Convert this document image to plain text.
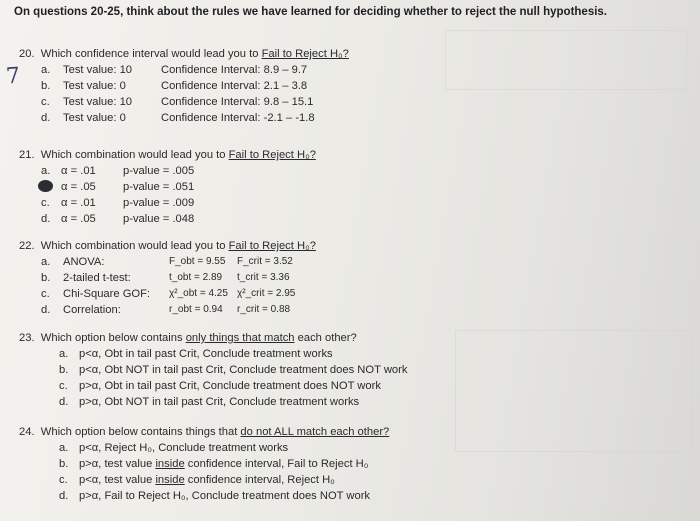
On questions 20-25, think about the rules we have learned for deciding whether to reject the null hypothesis.
20. Which confidence interval would lead you to Fail to Reject H₀?
a. Test value: 10	Confidence Interval: 8.9 – 9.7
b. Test value: 0	Confidence Interval: 2.1 – 3.8
c. Test value: 10	Confidence Interval: 9.8 – 15.1
d. Test value: 0	Confidence Interval: -2.1 – -1.8
7
21. Which combination would lead you to Fail to Reject H₀?
a. α = .01 p-value = .005
α = .05 p-value = .051
c. α = .01 p-value = .009
d. α = .05 p-value = .048
22. Which combination would lead you to Fail to Reject H₀?
a. ANOVA:	F_obt = 9.55 F_crit = 3.52
b. 2-tailed t-test:	t_obt = 2.89 t_crit = 3.36
c. Chi-Square GOF: χ²_obt = 4.25 χ²_crit = 2.95
d. Correlation:	r_obt = 0.94 r_crit = 0.88
23. Which option below contains only things that match each other?
a. p<α, Obt in tail past Crit, Conclude treatment works
b. p<α, Obt NOT in tail past Crit, Conclude treatment does NOT work
c. p>α, Obt in tail past Crit, Conclude treatment does NOT work
d. p>α, Obt NOT in tail past Crit, Conclude treatment works
24. Which option below contains things that do not ALL match each other?
a. p<α, Reject H₀, Conclude treatment works
b. p>α, test value inside confidence interval, Fail to Reject H₀
c. p<α, test value inside confidence interval, Reject H₀
d. p>α, Fail to Reject H₀, Conclude treatment does NOT work
